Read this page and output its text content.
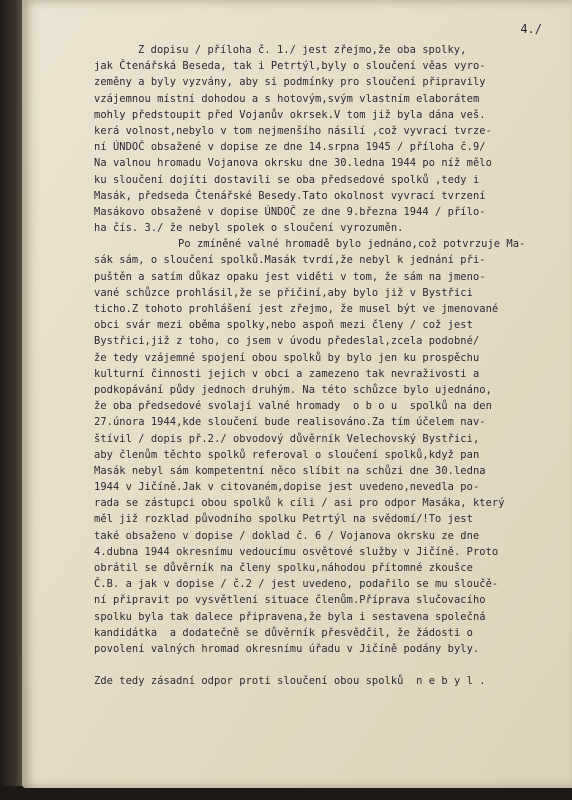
4./
Z dopisu / příloha č. 1./ jest zřejmo,že oba spolky,
jak Čtenářská Beseda, tak i Petrtýl,byly o sloučení věas vyro-
zeměny a byly vyzvány, aby si podmínky pro sloučení připravily
vzájemnou místní dohodou a s hotovým,svým vlastním elaborátem
mohly předstoupit před Vojanův okrsek.V tom již byla dána veš.
kerá volnost,nebylo v tom nejmenšího násilí ,což vyvrací tvrze-
ní ÚNDOČ obsažené v dopise ze dne 14.srpna 1945 / příloha č.9/
Na valnou hromadu Vojanova okrsku dne 30.ledna 1944 po níž mělo
ku sloučení dojíti dostavili se oba předsedové spolků ,tedy i
Masák, předseda Čtenářské Besedy.Tato okolnost vyvrací tvrzení
Masákovo obsažené v dopise ÚNDOČ ze dne 9.března 1944 / přílo-
ha čís. 3./ že nebyl spolek o sloučení vyrozuměn.
Po zmíněné valné hromadě bylo jednáno,což potvrzuje Ma-
sák sám, o sloučení spolků.Masák tvrdí,že nebyl k jednání při-
puštěn a satím důkaz opaku jest viděti v tom, že sám na jmeno-
vané schůzce prohlásil,že se přičiní,aby bylo již v Bystřici
ticho.Z tohoto prohlášení jest zřejmo, že musel být ve jmenované
obci svár mezi oběma spolky,nebo aspoň mezi členy / což jest
Bystřici,již z toho, co jsem v úvodu předeslal,zcela podobné/
že tedy vzájemné spojení obou spolků by bylo jen ku prospěchu
kulturní činnosti jejich v obci a zamezeno tak nevraživosti a
podkopávání půdy jednoch druhým. Na této schůzce bylo ujednáno,
že oba předsedové svolají valné hromady  o b o u  spolků na den
27.února 1944,kde sloučení bude realisováno.Za tím účelem nav-
štívil / dopis př.2./ obvodový důvěrník Velechovský Bystřici,
aby členům těchto spolků referoval o sloučení spolků,když pan
Masák nebyl sám kompetentní něco slíbit na schůzi dne 30.ledna
1944 v Jičíně.Jak v citovaném,dopise jest uvedeno,nevedla po-
rada se zástupci obou spolků k cíli / asi pro odpor Masáka, který
měl již rozklad původního spolku Petrtýl na svědomí/!To jest
také obsaženo v dopise / doklad č. 6 / Vojanova okrsku ze dne
4.dubna 1944 okresnímu vedoucímu osvětové služby v Jičíně. Proto
obrátil se důvěrník na členy spolku,náhodou přítomné zkoušce
Č.B. a jak v dopise / č.2 / jest uvedeno, podařilo se mu sloučě-
ní připravit po vysvětlení situace členům.Příprava slučovacího
spolku byla tak dalece připravena,že byla i sestavena společná
kandidátka  a dodatečně se důvěrník přesvědčil, že žádosti o
povolení valných hromad okresnímu úřadu v Jičíně podány byly.
Zde tedy zásadní odpor proti sloučení obou spolků  n e b y l .
